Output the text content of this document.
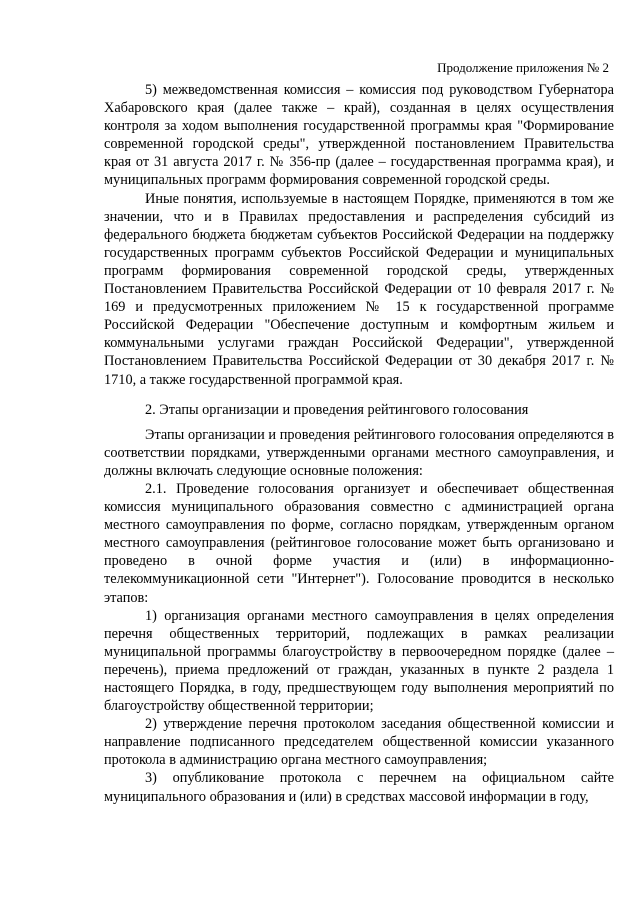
Продолжение приложения № 2

5) межведомственная комиссия – комиссия под руководством Губернатора Хабаровского края (далее также – край), созданная в целях осуществления контроля за ходом выполнения государственной программы края "Формирование современной городской среды", утвержденной постановлением Правительства края от 31 августа 2017 г. № 356-пр (далее – государственная программа края), и муниципальных программ формирования современной городской среды.

Иные понятия, используемые в настоящем Порядке, применяются в том же значении, что и в Правилах предоставления и распределения субсидий из федерального бюджета бюджетам субъектов Российской Федерации на поддержку государственных программ субъектов Российской Федерации и муниципальных программ формирования современной городской среды, утвержденных Постановлением Правительства Российской Федерации от 10 февраля 2017 г. № 169 и предусмотренных приложением № 15 к государственной программе Российской Федерации "Обеспечение доступным и комфортным жильем и коммунальными услугами граждан Российской Федерации", утвержденной Постановлением Правительства Российской Федерации от 30 декабря 2017 г. № 1710, а также государственной программой края.

2. Этапы организации и проведения рейтингового голосования

Этапы организации и проведения рейтингового голосования определяются в соответствии порядками, утвержденными органами местного самоуправления, и должны включать следующие основные положения:

2.1. Проведение голосования организует и обеспечивает общественная комиссия муниципального образования совместно с администрацией органа местного самоуправления по форме, согласно порядкам, утвержденным органом местного самоуправления (рейтинговое голосование может быть организовано и проведено в очной форме участия и (или) в информационно-телекоммуникационной сети "Интернет"). Голосование проводится в несколько этапов:

1) организация органами местного самоуправления в целях определения перечня общественных территорий, подлежащих в рамках реализации муниципальной программы благоустройству в первоочередном порядке (далее – перечень), приема предложений от граждан, указанных в пункте 2 раздела 1 настоящего Порядка, в году, предшествующем году выполнения мероприятий по благоустройству общественной территории;

2) утверждение перечня протоколом заседания общественной комиссии и направление подписанного председателем общественной комиссии указанного протокола в администрацию органа местного самоуправления;

3) опубликование протокола с перечнем на официальном сайте муниципального образования и (или) в средствах массовой информации в году,
